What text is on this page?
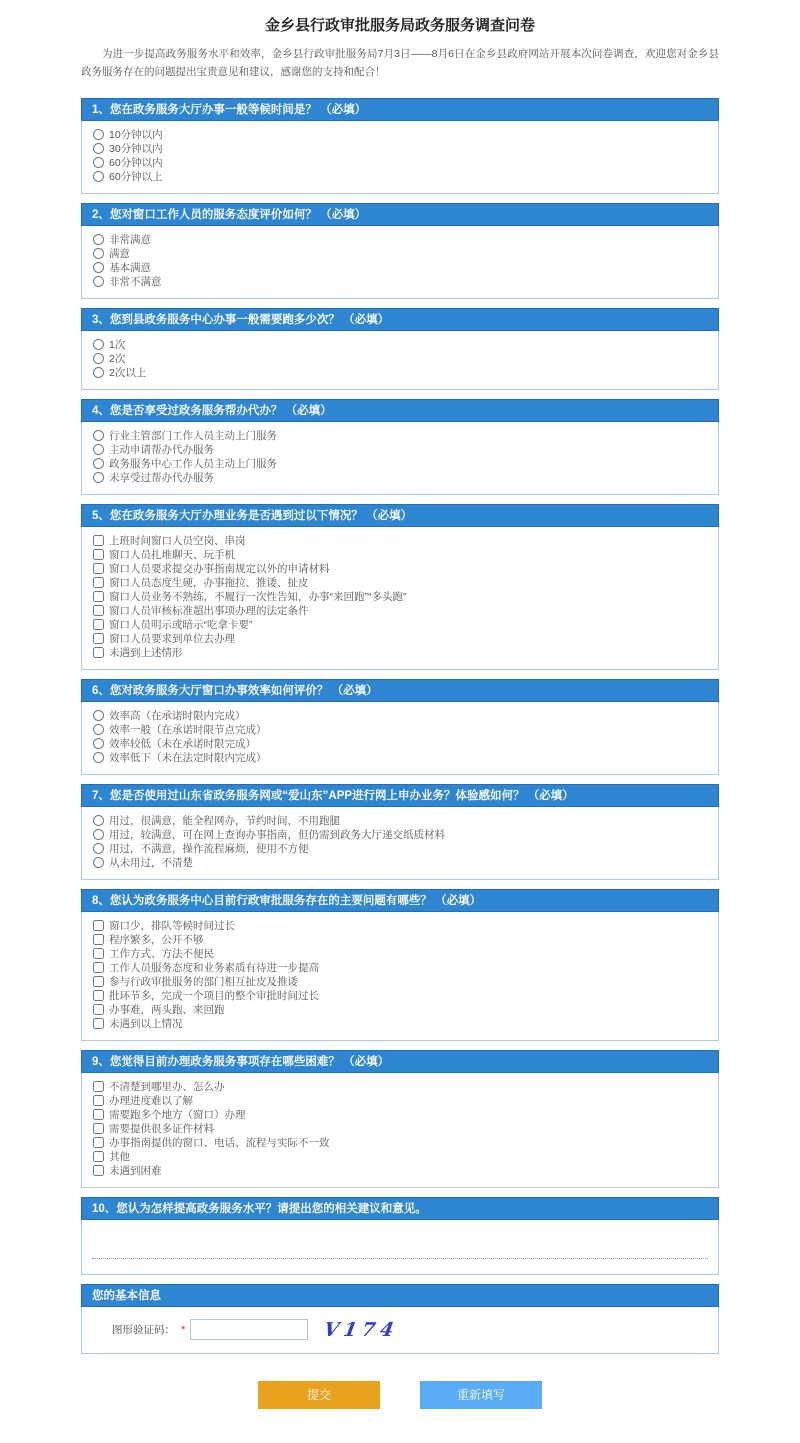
金乡县行政审批服务局政务服务调查问卷

为进一步提高政务服务水平和效率，金乡县行政审批服务局7月3日——8月6日在金乡县政府网站开展本次问卷调查，欢迎您对金乡县政务服务存在的问题提出宝贵意见和建议，感谢您的支持和配合！

1、您在政务服务大厅办事一般等候时间是？ （必填）
10分钟以内
30分钟以内
60分钟以内
60分钟以上
2、您对窗口工作人员的服务态度评价如何？ （必填）
非常满意
满意
基本满意
非常不满意
3、您到县政务服务中心办事一般需要跑多少次？ （必填）
1次
2次
2次以上
4、您是否享受过政务服务帮办代办？ （必填）
行业主管部门工作人员主动上门服务
主动申请帮办代办服务
政务服务中心工作人员主动上门服务
未享受过帮办代办服务
5、您在政务服务大厅办理业务是否遇到过以下情况？ （必填）
上班时间窗口人员空岗、串岗
窗口人员扎堆聊天、玩手机
窗口人员要求提交办事指南规定以外的申请材料
窗口人员态度生硬，办事拖拉、推诿、扯皮
窗口人员业务不熟练，不履行一次性告知，办事“来回跑”“多头跑”
窗口人员审核标准超出事项办理的法定条件
窗口人员明示或暗示“吃拿卡要”
窗口人员要求到单位去办理
未遇到上述情形
6、您对政务服务大厅窗口办事效率如何评价？ （必填）
效率高（在承诺时限内完成）
效率一般（在承诺时限节点完成）
效率较低（未在承诺时限完成）
效率低下（未在法定时限内完成）
7、您是否使用过山东省政务服务网或“爱山东”APP进行网上申办业务？体验感如何？ （必填）
用过，很满意，能全程网办，节约时间，不用跑腿
用过，较满意，可在网上查询办事指南，但仍需到政务大厅递交纸质材料
用过，不满意，操作流程麻烦，使用不方便
从未用过，不清楚
8、您认为政务服务中心目前行政审批服务存在的主要问题有哪些？ （必填）
窗口少，排队等候时间过长
程序繁多，公开不够
工作方式、方法不便民
工作人员服务态度和业务素质有待进一步提高
参与行政审批服务的部门相互扯皮及推诿
批环节多，完成一个项目的整个审批时间过长
办事难，两头跑、来回跑
未遇到以上情况
9、您觉得目前办理政务服务事项存在哪些困难？ （必填）
不清楚到哪里办、怎么办
办理进度难以了解
需要跑多个地方（窗口）办理
需要提供很多证件材料
办事指南提供的窗口、电话、流程与实际不一致
其他
未遇到困难
10、您认为怎样提高政务服务水平？请提出您的相关建议和意见。
您的基本信息
图形验证码： *	V174
提交	重新填写
